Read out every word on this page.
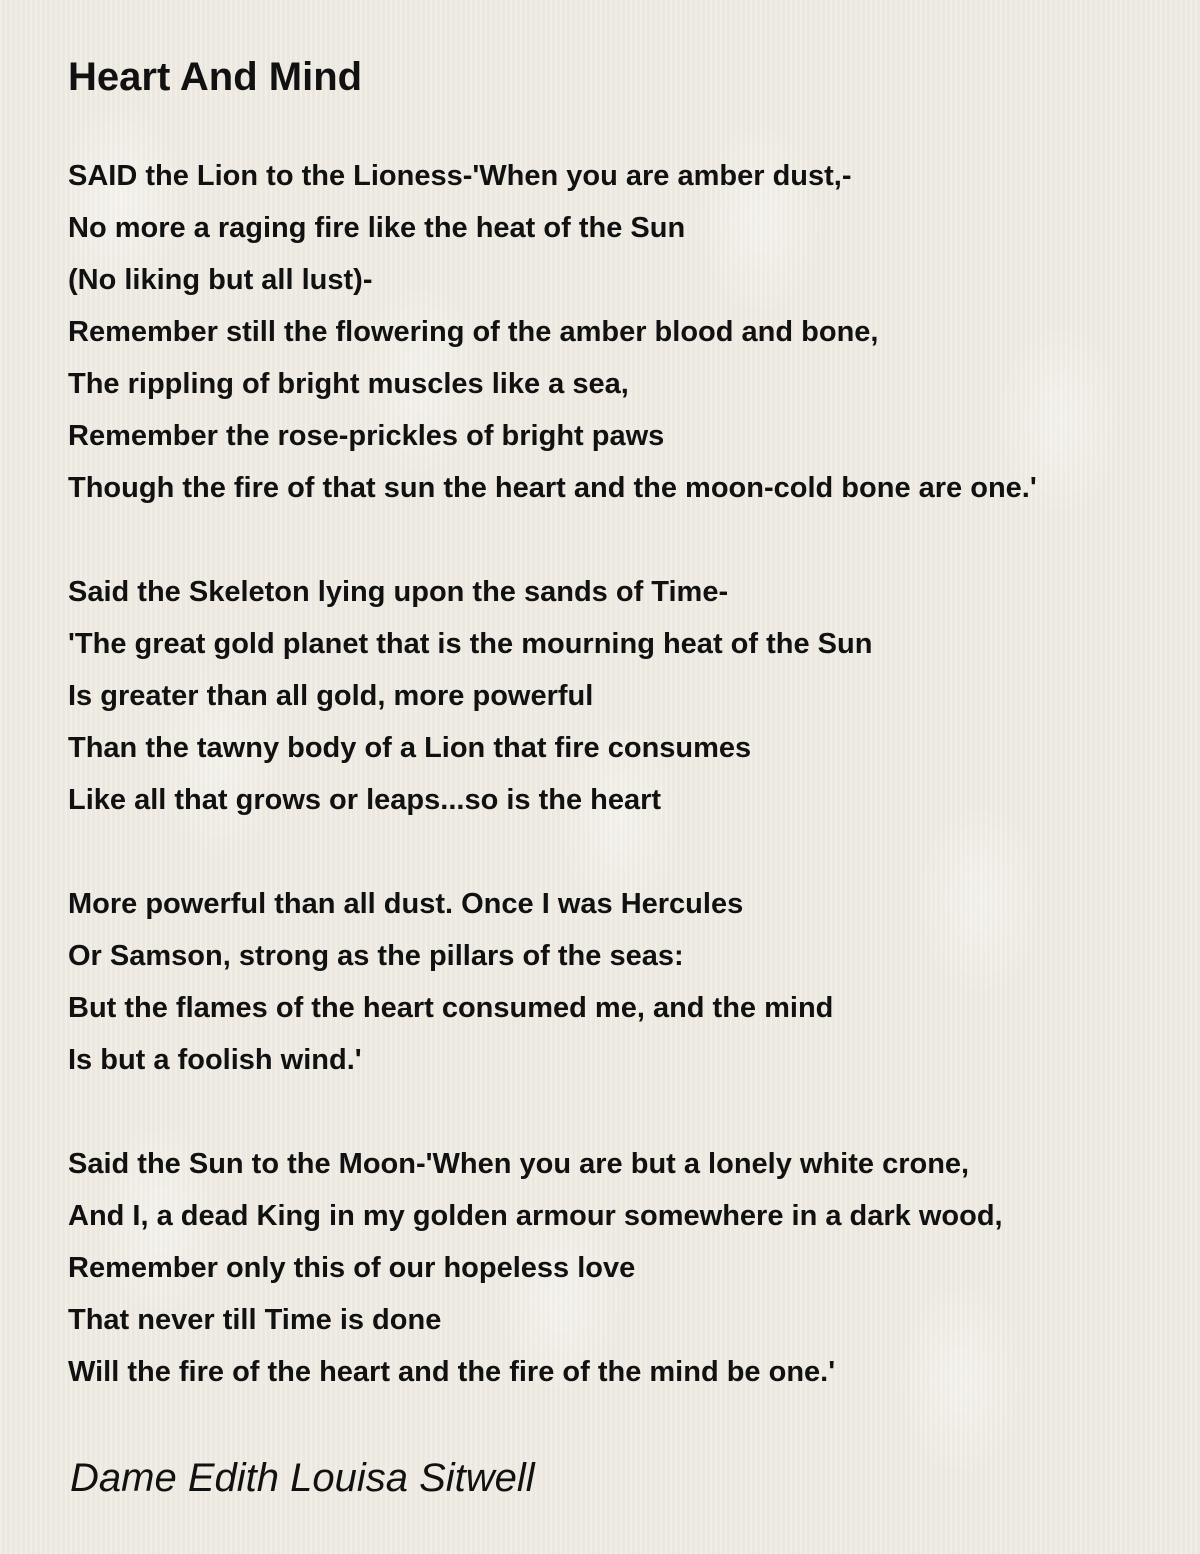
Heart And Mind
SAID the Lion to the Lioness-'When you are amber dust,-
No more a raging fire like the heat of the Sun
(No liking but all lust)-
Remember still the flowering of the amber blood and bone,
The rippling of bright muscles like a sea,
Remember the rose-prickles of bright paws
Though the fire of that sun the heart and the moon-cold bone are one.'
Said the Skeleton lying upon the sands of Time-
'The great gold planet that is the mourning heat of the Sun
Is greater than all gold, more powerful
Than the tawny body of a Lion that fire consumes
Like all that grows or leaps...so is the heart
More powerful than all dust. Once I was Hercules
Or Samson, strong as the pillars of the seas:
But the flames of the heart consumed me, and the mind
Is but a foolish wind.'
Said the Sun to the Moon-'When you are but a lonely white crone,
And I, a dead King in my golden armour somewhere in a dark wood,
Remember only this of our hopeless love
That never till Time is done
Will the fire of the heart and the fire of the mind be one.'
Dame Edith Louisa Sitwell
